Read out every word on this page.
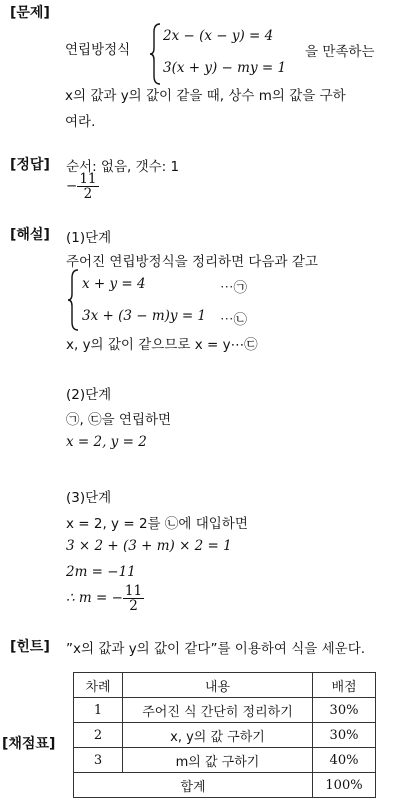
[문제]
연립방정식
2x − (x − y) = 4
3(x + y) − my = 1
을 만족하는
x의 값과 y의 값이 같을 때, 상수 m의 값을 구하
여라.
[정답] 순서: 없음, 갯수: 1
− $\frac{11}{2}$
[해설] (1)단계
주어진 연립방정식을 정리하면 다음과 같고
x + y = 4	⋯㉠
3x + (3 − m)y = 1 ⋯㉡
x, y의 값이 같으므로 x = y⋯㉢
(2)단계
㉠, ㉢을 연립하면
x = 2, y = 2
(3)단계
x = 2, y = 2를 ㉡에 대입하면
3 × 2 + (3 + m) × 2 = 1
2m = −11
∴ m = − $\frac{11}{2}$
[힌트] ”x의 값과 y의 값이 같다”를 이용하여 식을 세운다.
[채점표]
차례	내용	배점
1	주어진 식 간단히 정리하기	30%
2	x, y의 값 구하기	30%
3	m의 값 구하기	40%
합계		100%
